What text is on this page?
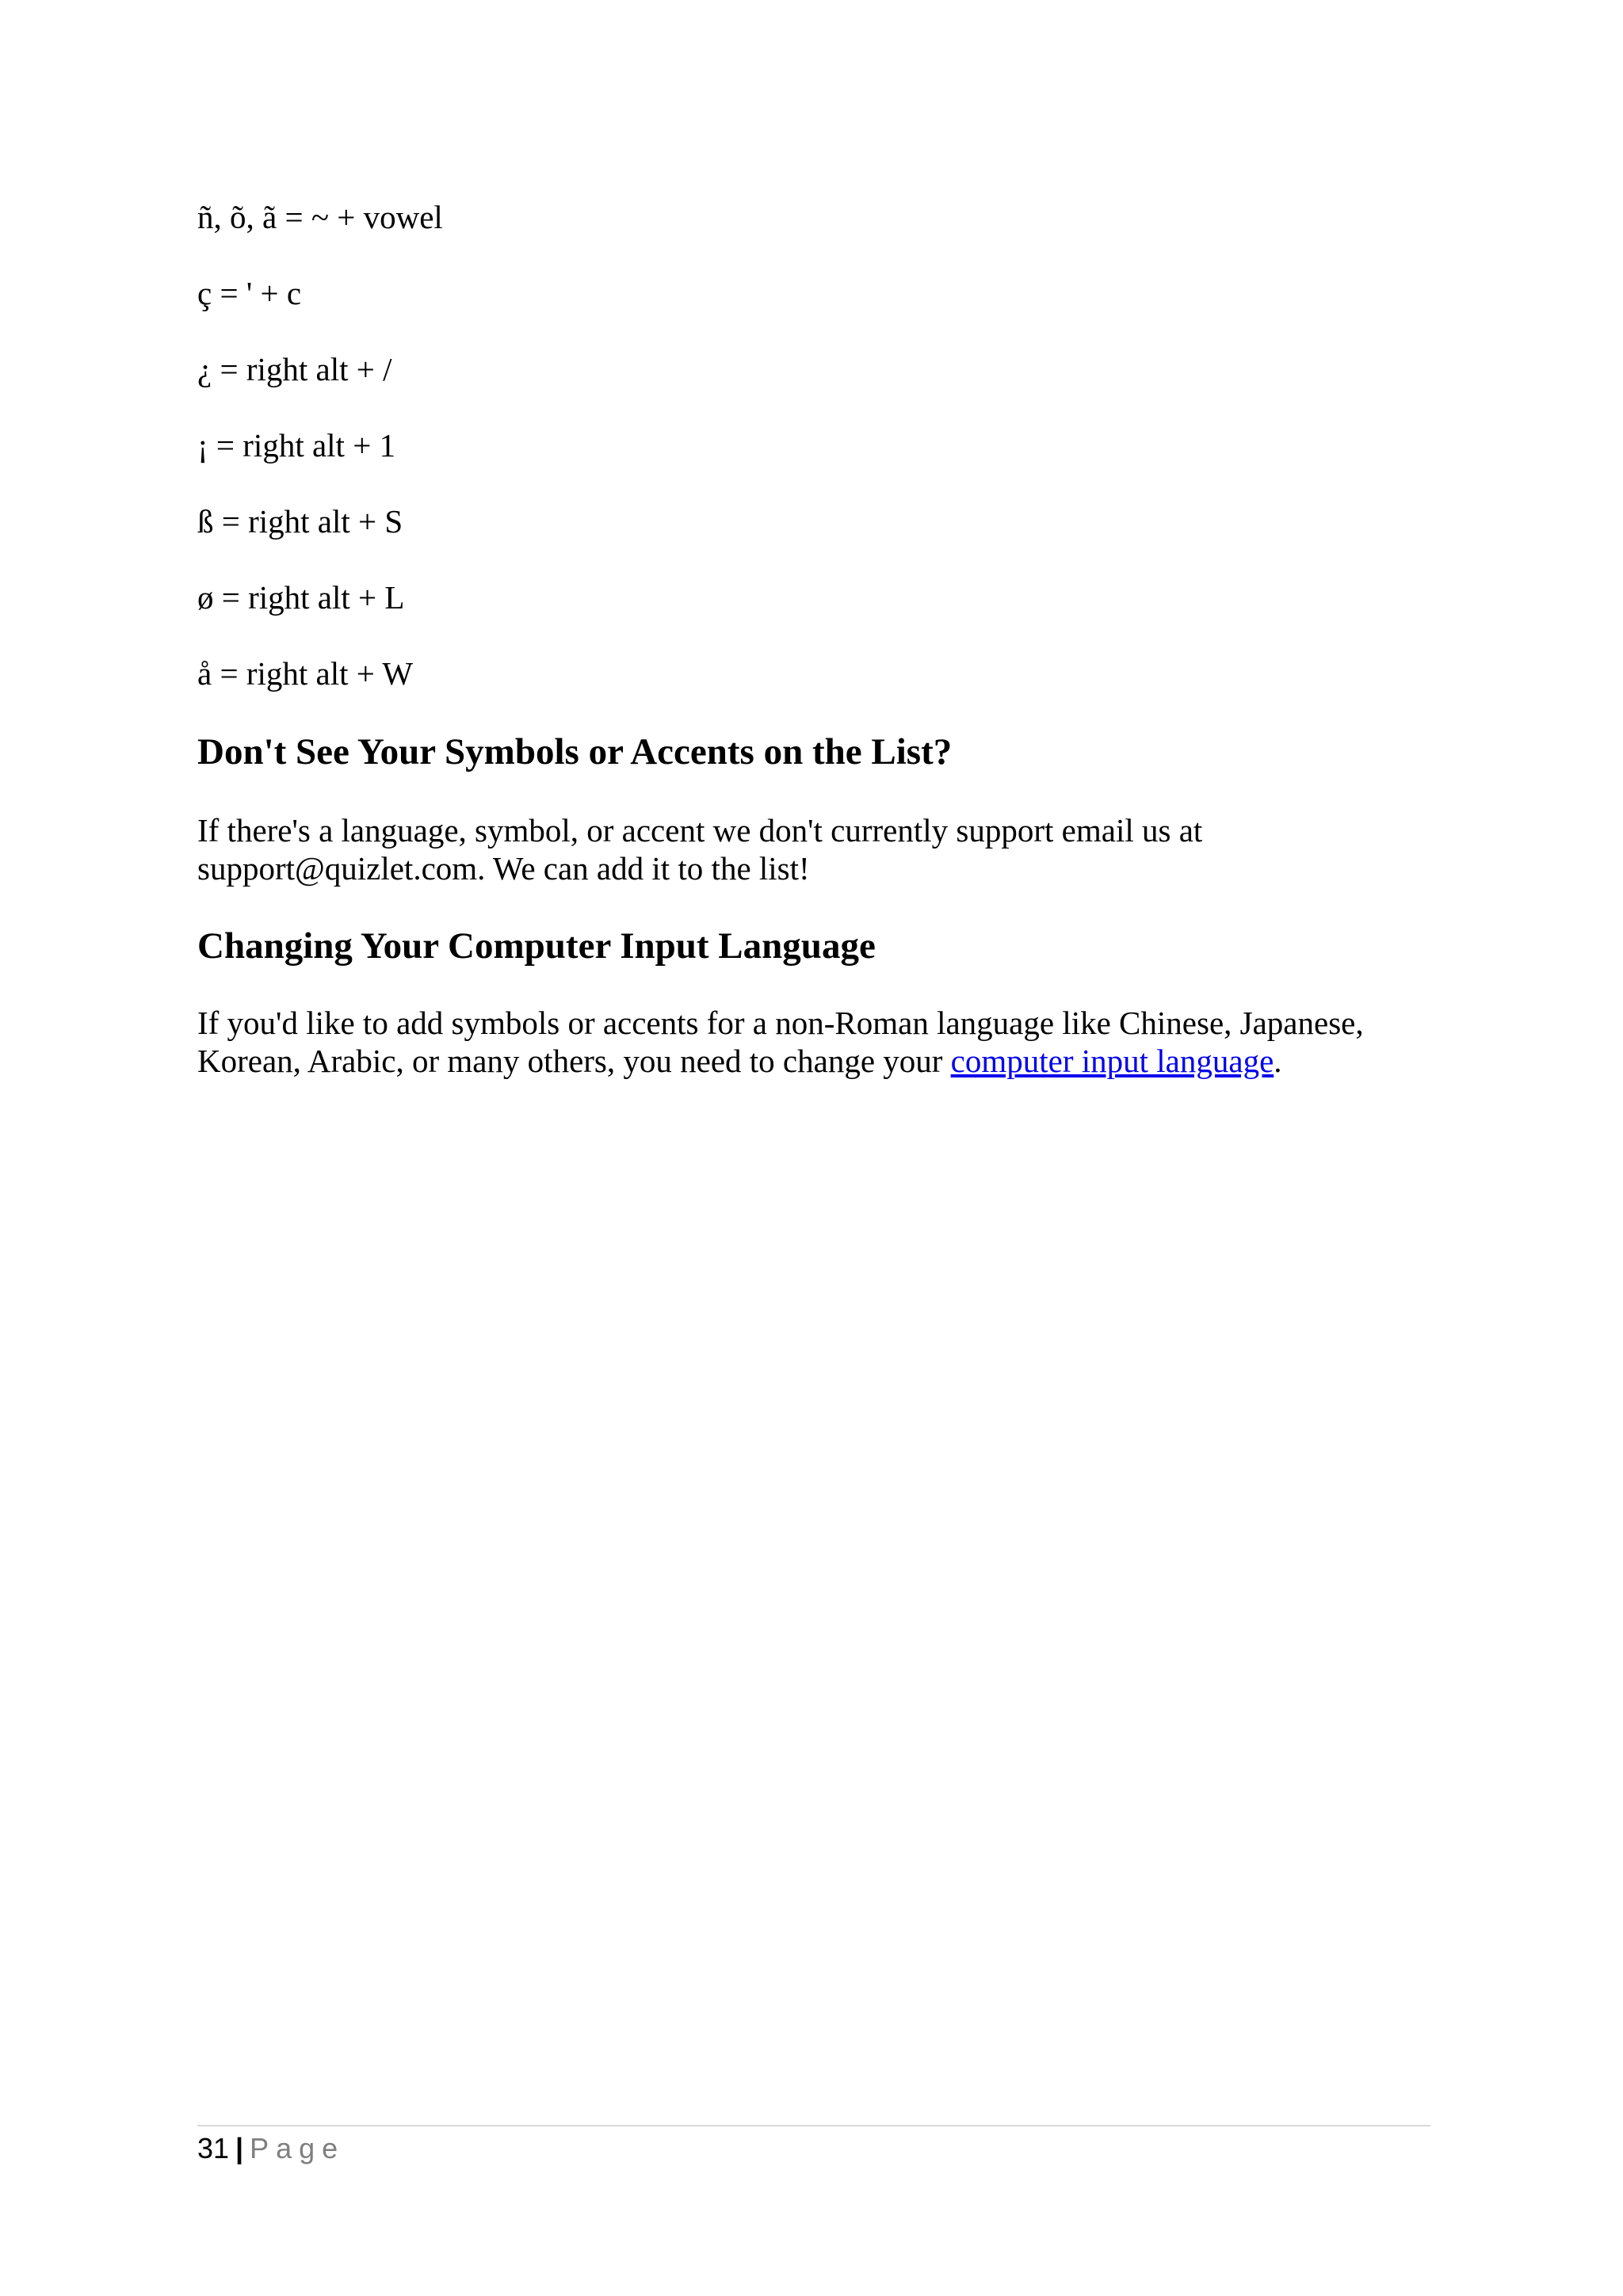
ñ, õ, ã = ~ + vowel
ç = ' + c
¿ = right alt + /
¡ = right alt + 1
ß = right alt + S
ø = right alt + L
å = right alt + W
Don't See Your Symbols or Accents on the List?
If there's a language, symbol, or accent we don't currently support email us at support@quizlet.com. We can add it to the list!
Changing Your Computer Input Language
If you'd like to add symbols or accents for a non-Roman language like Chinese, Japanese, Korean, Arabic, or many others, you need to change your computer input language.
31 | Page
